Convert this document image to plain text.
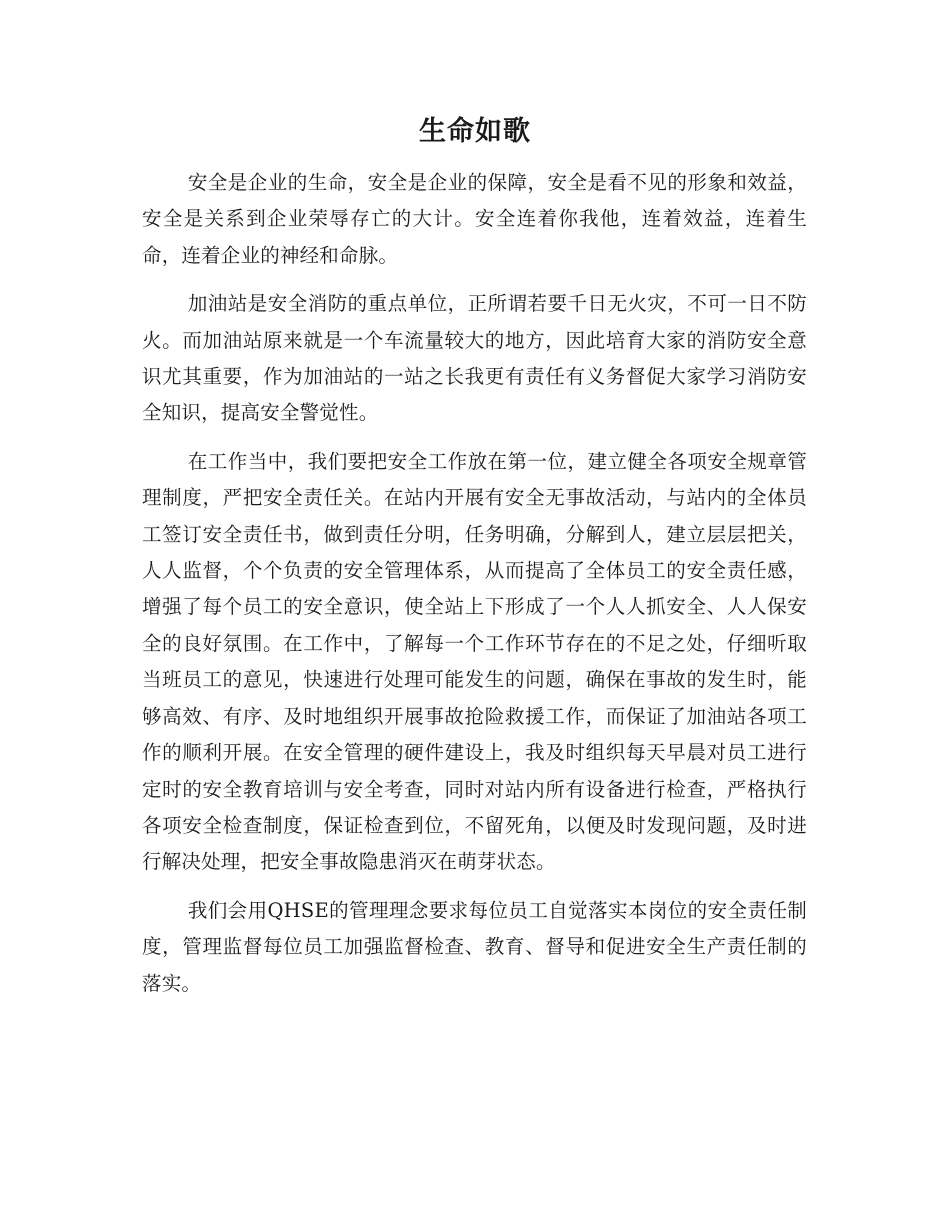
生命如歌

安全是企业的生命，安全是企业的保障，安全是看不见的形象和效益，安全是关系到企业荣辱存亡的大计。安全连着你我他，连着效益，连着生命，连着企业的神经和命脉。

加油站是安全消防的重点单位，正所谓若要千日无火灾，不可一日不防火。而加油站原来就是一个车流量较大的地方，因此培育大家的消防安全意识尤其重要，作为加油站的一站之长我更有责任有义务督促大家学习消防安全知识，提高安全警觉性。

在工作当中，我们要把安全工作放在第一位，建立健全各项安全规章管理制度，严把安全责任关。在站内开展有安全无事故活动，与站内的全体员工签订安全责任书，做到责任分明，任务明确，分解到人，建立层层把关，人人监督，个个负责的安全管理体系，从而提高了全体员工的安全责任感，增强了每个员工的安全意识，使全站上下形成了一个人人抓安全、人人保安全的良好氛围。在工作中，了解每一个工作环节存在的不足之处，仔细听取当班员工的意见，快速进行处理可能发生的问题，确保在事故的发生时，能够高效、有序、及时地组织开展事故抢险救援工作，而保证了加油站各项工作的顺利开展。在安全管理的硬件建设上，我及时组织每天早晨对员工进行定时的安全教育培训与安全考查，同时对站内所有设备进行检查，严格执行各项安全检查制度，保证检查到位，不留死角，以便及时发现问题，及时进行解决处理，把安全事故隐患消灭在萌芽状态。

我们会用QHSE的管理理念要求每位员工自觉落实本岗位的安全责任制度，管理监督每位员工加强监督检查、教育、督导和促进安全生产责任制的落实。
